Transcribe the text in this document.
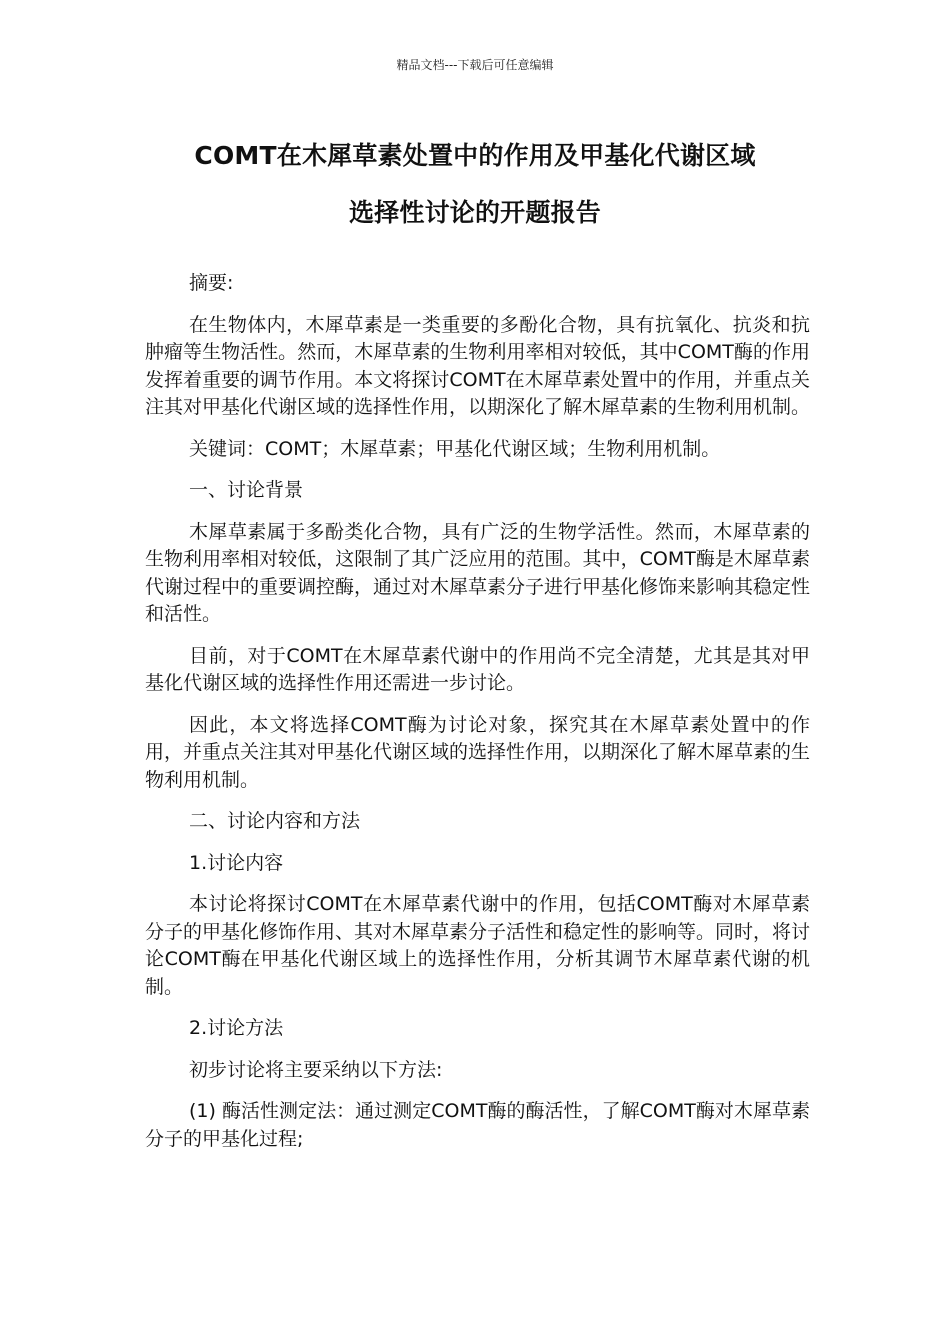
精品文档---下载后可任意编辑
COMT在木犀草素处置中的作用及甲基化代谢区域
选择性讨论的开题报告

摘要:

在生物体内，木犀草素是一类重要的多酚化合物，具有抗氧化、抗炎和抗肿瘤等生物活性。然而，木犀草素的生物利用率相对较低，其中COMT酶的作用发挥着重要的调节作用。本文将探讨COMT在木犀草素处置中的作用，并重点关注其对甲基化代谢区域的选择性作用，以期深化了解木犀草素的生物利用机制。

关键词：COMT；木犀草素；甲基化代谢区域；生物利用机制。

一、讨论背景

木犀草素属于多酚类化合物，具有广泛的生物学活性。然而，木犀草素的生物利用率相对较低，这限制了其广泛应用的范围。其中，COMT酶是木犀草素代谢过程中的重要调控酶，通过对木犀草素分子进行甲基化修饰来影响其稳定性和活性。

目前，对于COMT在木犀草素代谢中的作用尚不完全清楚，尤其是其对甲基化代谢区域的选择性作用还需进一步讨论。

因此，本文将选择COMT酶为讨论对象，探究其在木犀草素处置中的作用，并重点关注其对甲基化代谢区域的选择性作用，以期深化了解木犀草素的生物利用机制。

二、讨论内容和方法

1.讨论内容

本讨论将探讨COMT在木犀草素代谢中的作用，包括COMT酶对木犀草素分子的甲基化修饰作用、其对木犀草素分子活性和稳定性的影响等。同时，将讨论COMT酶在甲基化代谢区域上的选择性作用，分析其调节木犀草素代谢的机制。

2.讨论方法

初步讨论将主要采纳以下方法:

(1) 酶活性测定法：通过测定COMT酶的酶活性，了解COMT酶对木犀草素分子的甲基化过程;
